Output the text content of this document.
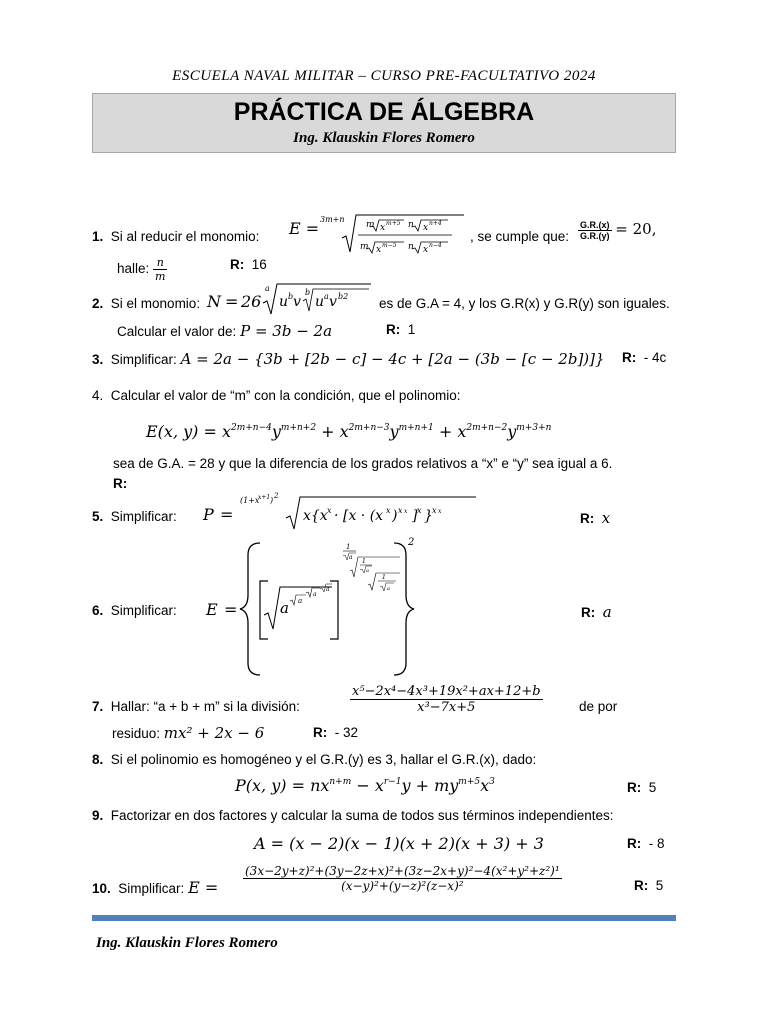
ESCUELA NAVAL MILITAR – CURSO PRE-FACULTATIVO 2024
PRÁCTICA DE ÁLGEBRA
Ing. Klauskin Flores Romero
1. Si al reducir el monomio: E = 3m+n
m x m+5 n x n+4
m x m−5 n x n−4
, se cumple que: $\frac{G.R.(x)}{G.R.(y)} = 20$,
halle: $\frac{n}{m}$	R: 16
2. Si el monomio: N = 26
a
u b v
b
u a v b2 es de G.A = 4, y los G.R(x) y G.R(y) son iguales.
Calcular el valor de: P = 3b − 2a	R: 1
3. Simplificar: A = 2a − {3b + [2b − c] − 4c + [2a − (3b − [c − 2b])]} R: - 4c
4. Calcular el valor de “m” con la condición, que el polinomio:
E(x, $y) = x^{2m+n-4}y^{m+n+2} + x^{2m+n-3}y^{m+n+1} + x^{2m+n-2}y^{m+3+n}$
sea de G.A. = 28 y que la diferencia de los grados relativos a “x” e “y” sea igual a 6.
R:
5. Simplificar: P =
(1+x
x+1 ) 2
x{x x · [x · (x x ) x x ] x } x x	R: x
6. Simplificar: E =	a a
a
a
2
1
a
1
a
1
a
R: a
7. Hallar: “a + b + m” si la división:	$\frac{\text{x⁵−2x⁴−4x³+19x²+ax+12+b}}{\text{x³−7x+5}}$	de por
residuo: mx² + 2x − 6	R: - 32
8. Si el polinomio es homogéneo y el G.R.(y) es 3, hallar el G.R.(x), dado:
P(x, $y) = nx^{n+m} - x^{r-1}y + my^{m+5}x^3$	R: 5
9. Factorizar en dos factores y calcular la suma de todos sus términos independientes:
A = (x − 2)(x − 1)(x + 2)(x + 3) + 3	R: - 8
10. Simplificar: $E = \frac{\text{(3x−2y+z)²+(3y−2z+x)²+(3z−2x+y)²−4(x²+y²+z²)¹}}{\text{(x−y)²+(y−z)²(z−x)²}}$	R: 5
Ing. Klauskin Flores Romero
